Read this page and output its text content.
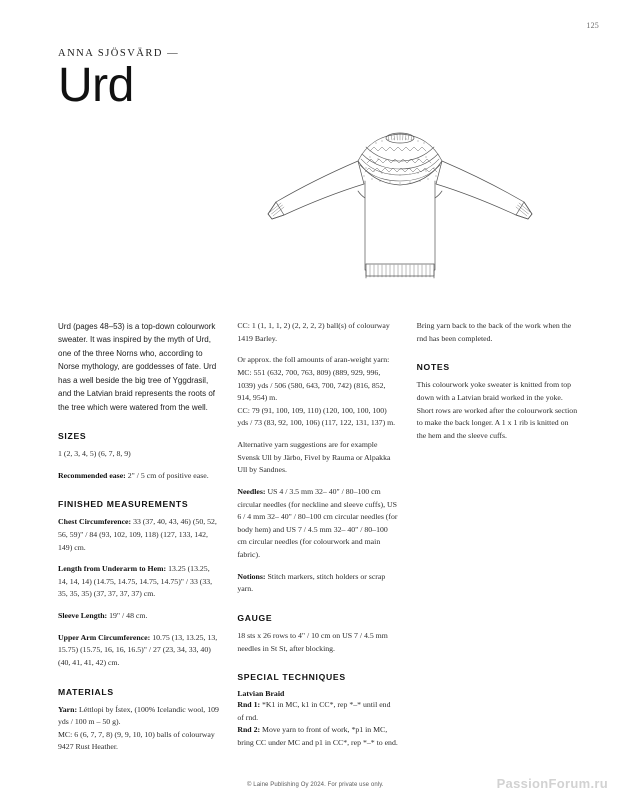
125
ANNA SJÖSVÄRD —
Urd

Urd (pages 48–53) is a top-down colourwork sweater. It was inspired by the myth of Urd, one of the three Norns who, according to Norse mythology, are goddesses of fate. Urd has a well beside the big tree of Yggdrasil, and the Latvian braid represents the roots of the tree which were watered from the well.

SIZES

1 (2, 3, 4, 5) (6, 7, 8, 9)

Recommended ease: 2" / 5 cm of positive ease.

FINISHED MEASUREMENTS

Chest Circumference: 33 (37, 40, 43, 46) (50, 52, 56, 59)" / 84 (93, 102, 109, 118) (127, 133, 142, 149) cm.

Length from Underarm to Hem: 13.25 (13.25, 14, 14, 14) (14.75, 14.75, 14.75, 14.75)" / 33 (33, 35, 35, 35) (37, 37, 37, 37) cm.

Sleeve Length: 19" / 48 cm.

Upper Arm Circumference: 10.75 (13, 13.25, 13, 15.75) (15.75, 16, 16, 16.5)" / 27 (23, 34, 33, 40) (40, 41, 41, 42) cm.

MATERIALS

Yarn: Léttlopi by Ístex, (100% Icelandic wool, 109 yds / 100 m – 50 g).

MC: 6 (6, 7, 7, 8) (9, 9, 10, 10) balls of colourway 9427 Rust Heather.

CC: 1 (1, 1, 1, 2) (2, 2, 2, 2) ball(s) of colourway 1419 Barley.

Or approx. the foll amounts of aran-weight yarn:

MC: 551 (632, 700, 763, 809) (889, 929, 996, 1039) yds / 506 (580, 643, 700, 742) (816, 852, 914, 954) m.

CC: 79 (91, 100, 109, 110) (120, 100, 100, 100) yds / 73 (83, 92, 100, 106) (117, 122, 131, 137) m.

Alternative yarn suggestions are for example Svensk Ull by Järbo, Fivel by Rauma or Alpakka Ull by Sandnes.

Needles: US 4 / 3.5 mm 32– 40" / 80–100 cm circular needles (for neckline and sleeve cuffs), US 6 / 4 mm 32– 40" / 80–100 cm circular needles (for body hem) and US 7 / 4.5 mm 32– 40" / 80–100 cm circular needles (for colourwork and main fabric).

Notions: Stitch markers, stitch holders or scrap yarn.

GAUGE

18 sts x 26 rows to 4" / 10 cm on US 7 / 4.5 mm needles in St St, after blocking.

SPECIAL TECHNIQUES

Latvian Braid

Rnd 1: *K1 in MC, k1 in CC*, rep *–* until end of rnd.

Rnd 2: Move yarn to front of work, *p1 in MC, bring CC under MC and p1 in CC*, rep *–* to end.

Bring yarn back to the back of the work when the rnd has been completed.

NOTES

This colourwork yoke sweater is knitted from top down with a Latvian braid worked in the yoke. Short rows are worked after the colourwork section to make the back longer. A 1 x 1 rib is knitted on the hem and the sleeve cuffs.

© Laine Publishing Oy 2024. For private use only.	PassionForum.ru
